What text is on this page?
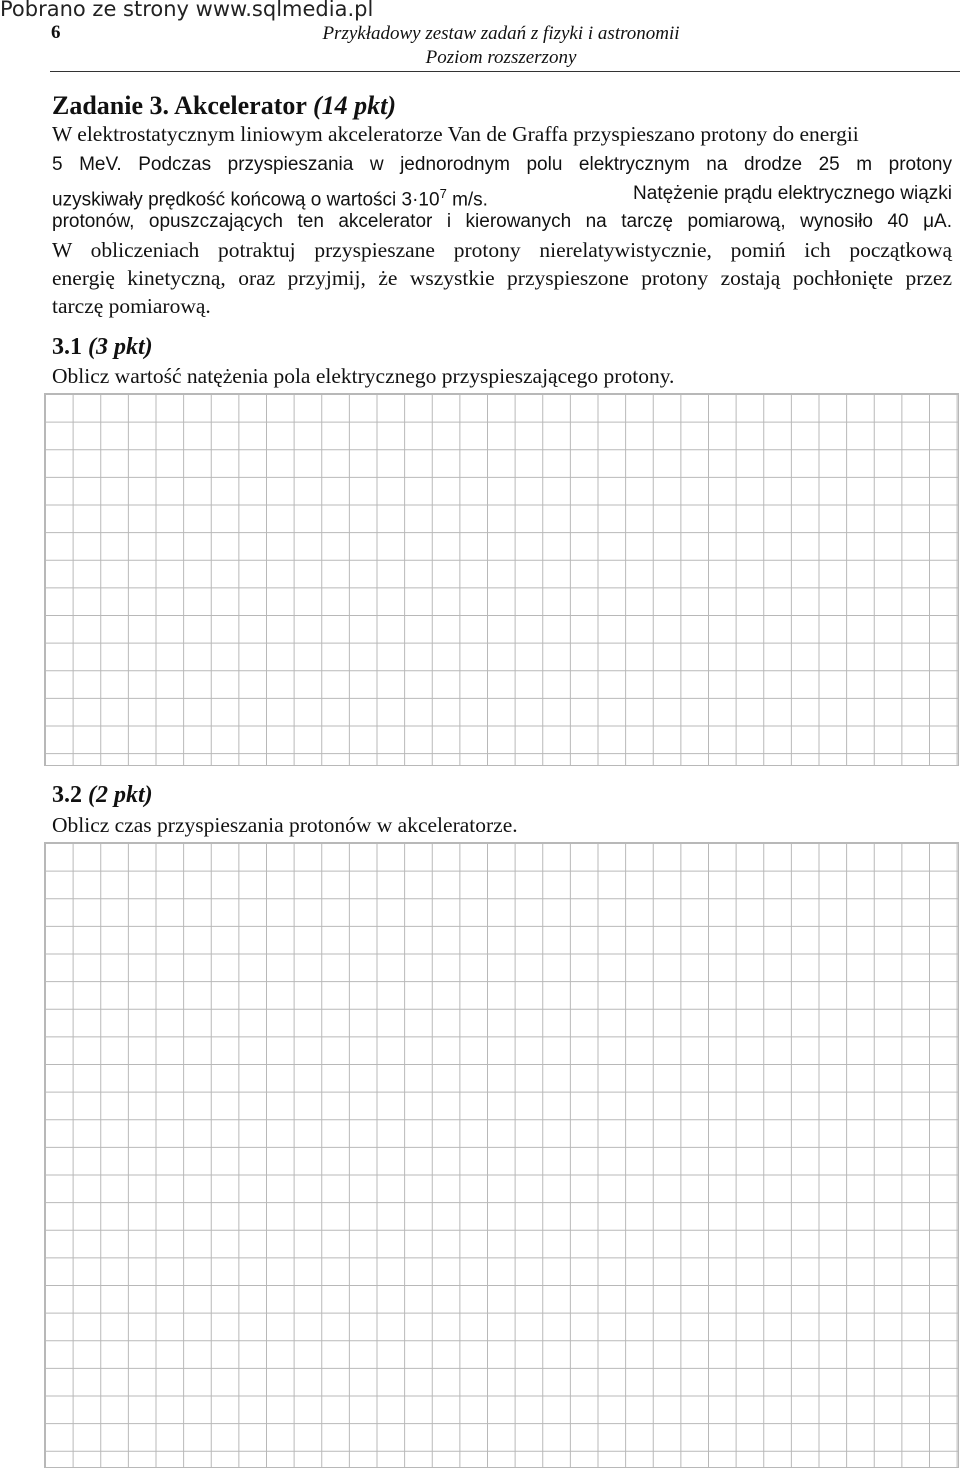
Pobrano ze strony www.sqlmedia.pl
6	Przykładowy zestaw zadań z fizyki i astronomii
Poziom rozszerzony
Zadanie 3. Akcelerator (14 pkt)
W elektrostatycznym liniowym akceleratorze Van de Graffa przyspieszano protony do energii
5 MeV. Podczas przyspieszania w jednorodnym polu elektrycznym na drodze 25 m protony
uzyskiwały prędkość końcową o wartości $3\cdot 10^7$ m/s.	Natężenie prądu elektrycznego wiązki
protonów, opuszczających ten akcelerator i kierowanych na tarczę pomiarową, wynosiło 40 μA.
W obliczeniach potraktuj przyspieszane protony nierelatywistycznie, pomiń ich początkową
energię kinetyczną, oraz przyjmij, że wszystkie przyspieszone protony zostają pochłonięte przez
tarczę pomiarową.
3.1 (3 pkt)
Oblicz wartość natężenia pola elektrycznego przyspieszającego protony.
3.2 (2 pkt)
Oblicz czas przyspieszania protonów w akceleratorze.
